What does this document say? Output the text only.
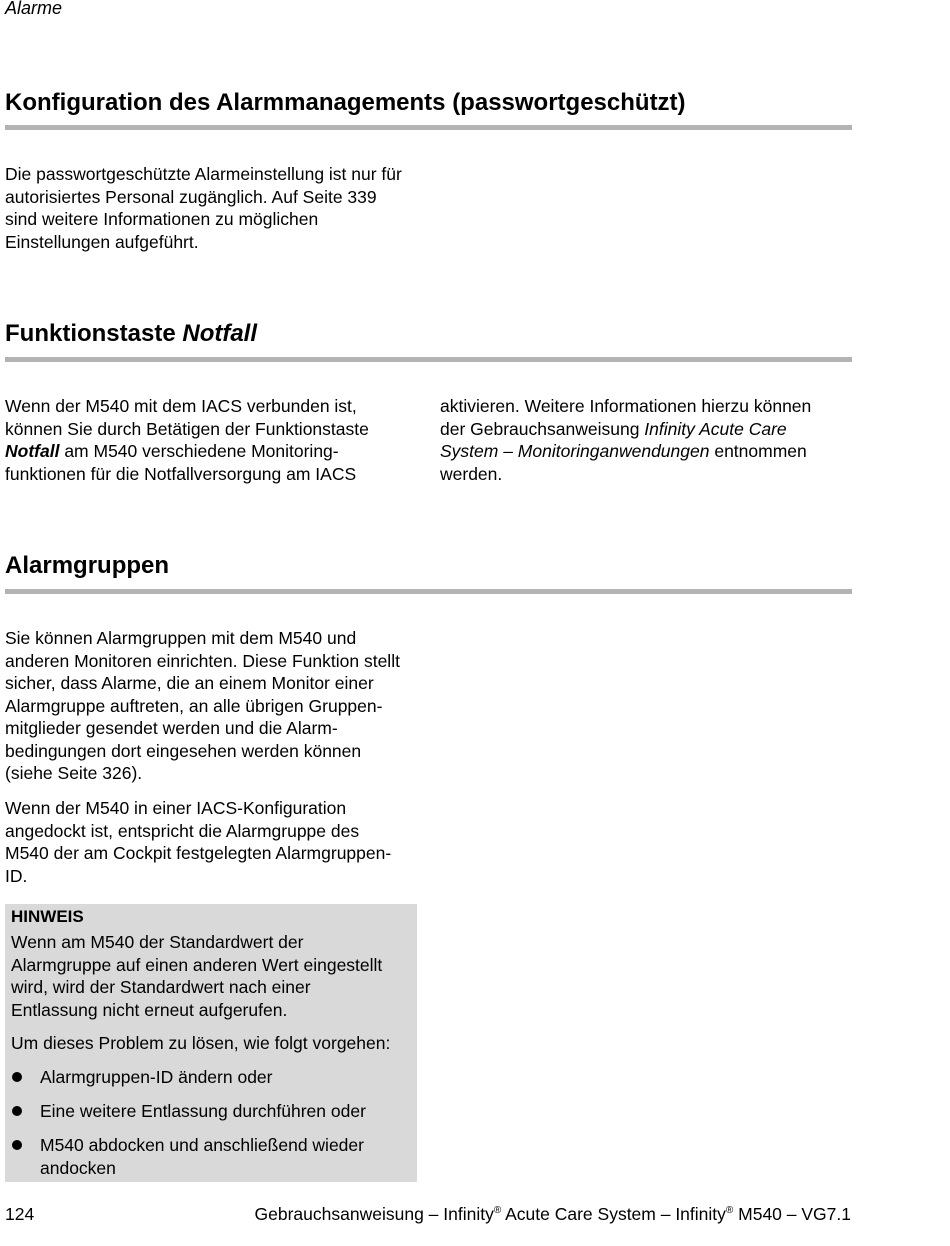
Alarme
Konfiguration des Alarmmanagements (passwortgeschützt)

Die passwortgeschützte Alarmeinstellung ist nur für
autorisiertes Personal zugänglich. Auf Seite 339
sind weitere Informationen zu möglichen
Einstellungen aufgeführt.

Funktionstaste Notfall

Wenn der M540 mit dem IACS verbunden ist,
können Sie durch Betätigen der Funktionstaste
Notfall am M540 verschiedene Monitoring-
funktionen für die Notfallversorgung am IACS

aktivieren. Weitere Informationen hierzu können
der Gebrauchsanweisung Infinity Acute Care
System – Monitoringanwendungen entnommen
werden.

Alarmgruppen

Sie können Alarmgruppen mit dem M540 und
anderen Monitoren einrichten. Diese Funktion stellt
sicher, dass Alarme, die an einem Monitor einer
Alarmgruppe auftreten, an alle übrigen Gruppen-
mitglieder gesendet werden und die Alarm-
bedingungen dort eingesehen werden können
(siehe Seite 326).

Wenn der M540 in einer IACS-Konfiguration
angedockt ist, entspricht die Alarmgruppe des
M540 der am Cockpit festgelegten Alarmgruppen-
ID.

HINWEIS

Wenn am M540 der Standardwert der
Alarmgruppe auf einen anderen Wert eingestellt
wird, wird der Standardwert nach einer
Entlassung nicht erneut aufgerufen.

Um dieses Problem zu lösen, wie folgt vorgehen:

Alarmgruppen-ID ändern oder
Eine weitere Entlassung durchführen oder
M540 abdocken und anschließend wieder
andocken
124	Gebrauchsanweisung – Infinity® Acute Care System – Infinity® M540 – VG7.1
